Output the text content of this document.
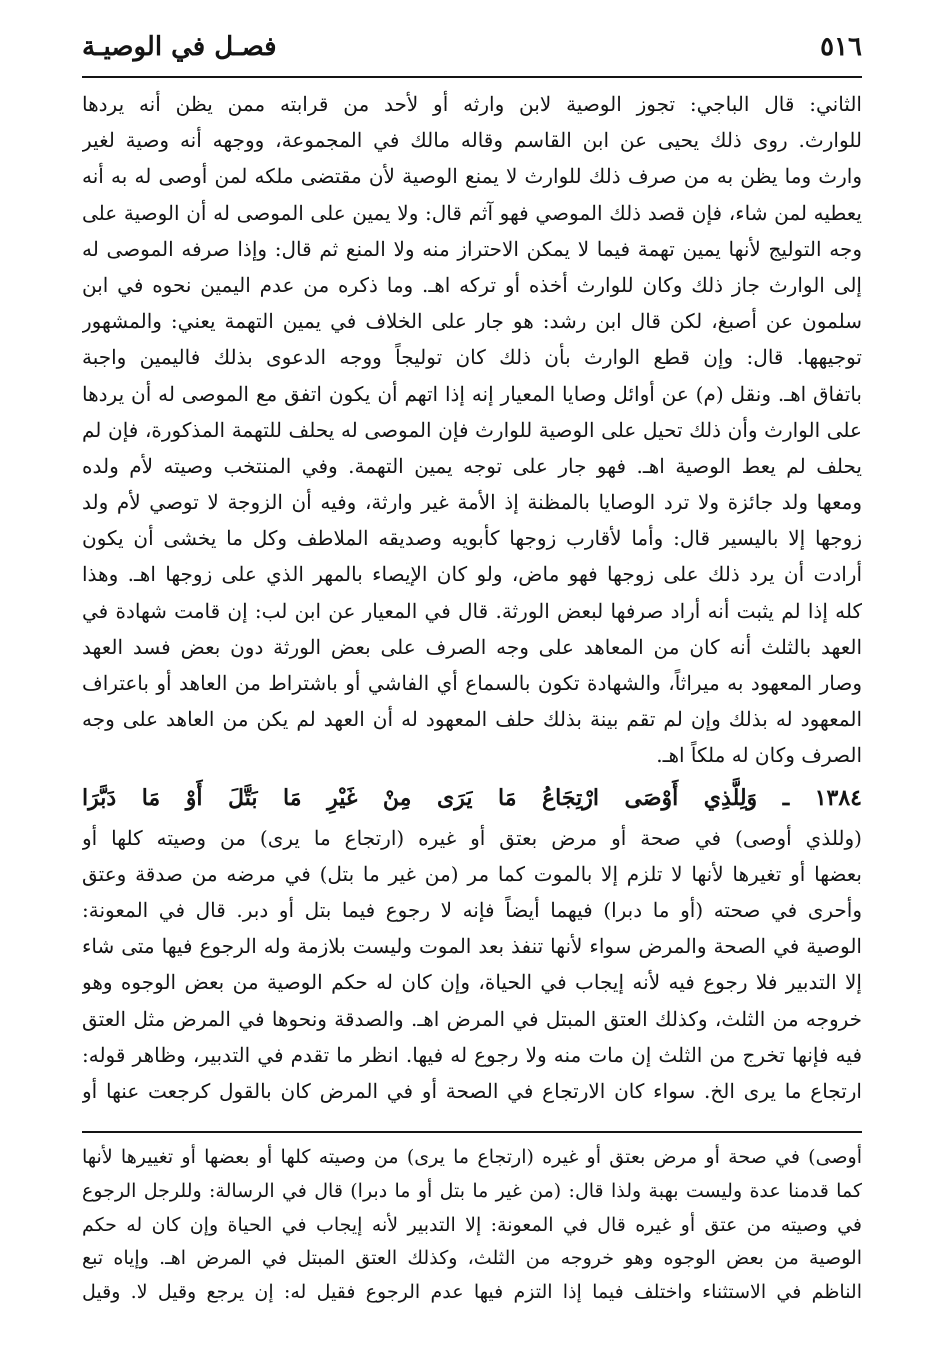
٥١٦
فصـل في الوصيـة
الثاني: قال الباجي: تجوز الوصية لابن وارثه أو لأحد من قرابته ممن يظن أنه يردها
للوارث. روى ذلك يحيى عن ابن القاسم وقاله مالك في المجموعة، ووجهه أنه وصية لغير
وارث وما يظن به من صرف ذلك للوارث لا يمنع الوصية لأن مقتضى ملكه لمن أوصى له به أنه
يعطيه لمن شاء، فإن قصد ذلك الموصي فهو آثم قال: ولا يمين على الموصى له أن الوصية على
وجه التوليج لأنها يمين تهمة فيما لا يمكن الاحتراز منه ولا المنع ثم قال: وإذا صرفه الموصى له
إلى الوارث جاز ذلك وكان للوارث أخذه أو تركه اهـ. وما ذكره من عدم اليمين نحوه في ابن
سلمون عن أصبغ، لكن قال ابن رشد: هو جار على الخلاف في يمين التهمة يعني: والمشهور
توجيهها. قال: وإن قطع الوارث بأن ذلك كان توليجاً ووجه الدعوى بذلك فاليمين واجبة
باتفاق اهـ. ونقل (م) عن أوائل وصايا المعيار إنه إذا اتهم أن يكون اتفق مع الموصى له أن يردها
على الوارث وأن ذلك تحيل على الوصية للوارث فإن الموصى له يحلف للتهمة المذكورة، فإن لم
يحلف لم يعط الوصية اهـ. فهو جار على توجه يمين التهمة. وفي المنتخب وصيته لأم ولده
ومعها ولد جائزة ولا ترد الوصايا بالمظنة إذ الأمة غير وارثة، وفيه أن الزوجة لا توصي لأم ولد
زوجها إلا باليسير قال: وأما لأقارب زوجها كأبويه وصديقه الملاطف وكل ما يخشى أن يكون
أرادت أن يرد ذلك على زوجها فهو ماض، ولو كان الإيصاء بالمهر الذي على زوجها اهـ. وهذا
كله إذا لم يثبت أنه أراد صرفها لبعض الورثة. قال في المعيار عن ابن لب: إن قامت شهادة في
العهد بالثلث أنه كان من المعاهد على وجه الصرف على بعض الورثة دون بعض فسد العهد
وصار المعهود به ميراثاً، والشهادة تكون بالسماع أي الفاشي أو باشتراط من العاهد أو باعتراف
المعهود له بذلك وإن لم تقم بينة بذلك حلف المعهود له أن العهد لم يكن من العاهد على وجه
الصرف وكان له ملكاً اهـ.
١٣٨٤ ـ وَلِلَّذِي أَوْصَى ارْتِجَاعُ مَا يَرَى مِنْ غَيْرِ مَا بَتَّلَ أَوْ مَا دَبَّرَا
(وللذي أوصى) في صحة أو مرض بعتق أو غيره (ارتجاع ما يرى) من وصيته كلها أو
بعضها أو تغيرها لأنها لا تلزم إلا بالموت كما مر (من غير ما بتل) في مرضه من صدقة وعتق
وأحرى في صحته (أو ما دبرا) فيهما أيضاً فإنه لا رجوع فيما بتل أو دبر. قال في المعونة:
الوصية في الصحة والمرض سواء لأنها تنفذ بعد الموت وليست بلازمة وله الرجوع فيها متى شاء
إلا التدبير فلا رجوع فيه لأنه إيجاب في الحياة، وإن كان له حكم الوصية من بعض الوجوه وهو
خروجه من الثلث، وكذلك العتق المبتل في المرض اهـ. والصدقة ونحوها في المرض مثل العتق
فيه فإنها تخرج من الثلث إن مات منه ولا رجوع له فيها. انظر ما تقدم في التدبير، وظاهر قوله:
ارتجاع ما يرى الخ. سواء كان الارتجاع في الصحة أو في المرض كان بالقول كرجعت عنها أو
أوصى) في صحة أو مرض بعتق أو غيره (ارتجاع ما يرى) من وصيته كلها أو بعضها أو تغييرها لأنها
كما قدمنا عدة وليست بهبة ولذا قال: (من غير ما بتل أو ما دبرا) قال في الرسالة: وللرجل الرجوع
في وصيته من عتق أو غيره قال في المعونة: إلا التدبير لأنه إيجاب في الحياة وإن كان له حكم
الوصية من بعض الوجوه وهو خروجه من الثلث، وكذلك العتق المبتل في المرض اهـ. وإياه تبع
الناظم في الاستثناء واختلف فيما إذا التزم فيها عدم الرجوع فقيل له: إن يرجع وقيل لا. وقيل
